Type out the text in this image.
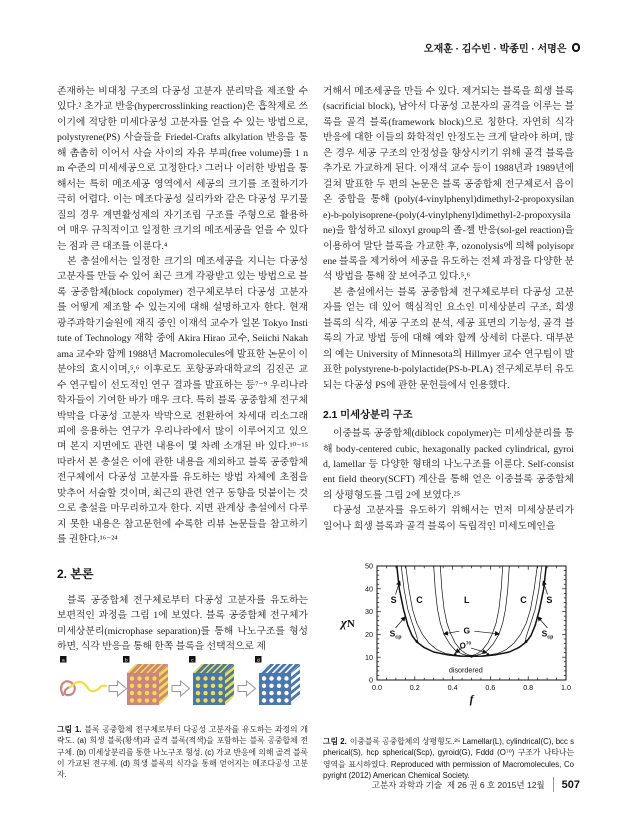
오재훈 · 김수빈 · 박종민 · 서명은

존재하는 비대칭 구조의 다공성 고분자 분리막을 제조할 수 있다.² 초가교 반응(hypercrosslinking reaction)은 흡착제로 쓰이기에 적당한 미세다공성 고분자를 얻을 수 있는 방법으로, polystyrene(PS) 사슬들을 Friedel-Crafts alkylation 반응을 통해 촘촘히 이어서 사슬 사이의 자유 부피(free volume)를 1 nm 수준의 미세세공으로 고정한다.³ 그러나 이러한 방법을 통해서는 특히 메조세공 영역에서 세공의 크기를 조절하기가 극히 어렵다. 이는 메조다공성 실리카와 같은 다공성 무기물질의 경우 계면활성제의 자기조립 구조를 주형으로 활용하여 매우 규칙적이고 일정한 크기의 메조세공을 얻을 수 있다는 점과 큰 대조를 이룬다.⁴

본 총설에서는 일정한 크기의 메조세공을 지니는 다공성 고분자를 만들 수 있어 최근 크게 각광받고 있는 방법으로 블록 공중합체(block copolymer) 전구체로부터 다공성 고분자를 어떻게 제조할 수 있는지에 대해 설명하고자 한다. 현재 광주과학기술원에 재직 중인 이재석 교수가 일본 Tokyo Institute of Technology 재학 중에 Akira Hirao 교수, Seiichi Nakahama 교수와 함께 1988년 Macromolecules에 발표한 논문이 이 분야의 효시이며,⁵,⁶ 이후로도 포항공과대학교의 김진곤 교수 연구팀이 선도적인 연구 결과를 발표하는 등⁷⁻⁹ 우리나라 학자들이 기여한 바가 매우 크다. 특히 블록 공중합체 전구체 박막을 다공성 고분자 박막으로 전환하여 차세대 리소그래피에 응용하는 연구가 우리나라에서 많이 이루어지고 있으며 본지 지면에도 관련 내용이 몇 차례 소개된 바 있다.¹⁰⁻¹⁵ 따라서 본 총설은 이에 관한 내용을 제외하고 블록 공중합체 전구체에서 다공성 고분자를 유도하는 방법 자체에 초점을 맞추어 서술할 것이며, 최근의 관련 연구 동향을 덧붙이는 것으로 총설을 마무리하고자 한다. 지면 관계상 총설에서 다루지 못한 내용은 참고문헌에 수록한 리뷰 논문들을 참고하기를 권한다.¹⁶⁻²⁴

2. 본론

블록 공중합체 전구체로부터 다공성 고분자를 유도하는 보편적인 과정을 그림 1에 보였다. 블록 공중합체 전구체가 미세상분리(microphase separation)를 통해 나노구조를 형성하면, 식각 반응을 통해 한쪽 블록을 선택적으로 제

a	b	c	d

그림 1. 블록 공중합체 전구체로부터 다공성 고분자를 유도하는 과정의 개략도. (a) 희생 블록(황색)과 골격 블록(적색)을 포함하는 블록 공중합체 전구체. (b) 미세상분리를 통한 나노구조 형성. (c) 가교 반응에 의해 골격 블록이 가교된 전구체. (d) 희생 블록의 식각을 통해 얻어지는 메조다공성 고분자.

거해서 메조세공을 만들 수 있다. 제거되는 블록을 희생 블록(sacrificial block), 남아서 다공성 고분자의 골격을 이루는 블록을 골격 블록(framework block)으로 칭한다. 자연히 식각 반응에 대한 이들의 화학적인 안정도는 크게 달라야 하며, 많은 경우 세공 구조의 안정성을 향상시키기 위해 골격 블록을 추가로 가교하게 된다. 이재석 교수 등이 1988년과 1989년에 걸쳐 발표한 두 편의 논문은 블록 공중합체 전구체로서 음이온 중합을 통해 (poly(4-vinylphenyl)dimethyl-2-propoxysilane)-b-polyisoprene-(poly(4-vinylphenyl)dimethyl-2-propoxysilane)을 합성하고 siloxyl group의 졸-젤 반응(sol-gel reaction)을 이용하여 말단 블록을 가교한 후, ozonolysis에 의해 polyisoprene 블록을 제거하여 세공을 유도하는 전체 과정을 다양한 분석 방법을 통해 잘 보여주고 있다.⁵,⁶

본 총설에서는 블록 공중합체 전구체로부터 다공성 고분자를 얻는 데 있어 핵심적인 요소인 미세상분리 구조, 희생 블록의 식각, 세공 구조의 분석, 세공 표면의 기능성, 골격 블록의 가교 방법 등에 대해 예와 함께 상세히 다룬다. 대부분의 예는 University of Minnesota의 Hillmyer 교수 연구팀이 발표한 polystyrene-b-polylactide(PS-b-PLA) 전구체로부터 유도되는 다공성 PS에 관한 문헌들에서 인용했다.

2.1 미세상분리 구조

이중블록 공중합체(diblock copolymer)는 미세상분리를 통해 body-centered cubic, hexagonally packed cylindrical, gyroid, lamellar 등 다양한 형태의 나노구조를 이룬다. Self-consistent field theory(SCFT) 계산을 통해 얻은 이중블록 공중합체의 상평형도를 그림 2에 보였다.²⁵

다공성 고분자를 유도하기 위해서는 먼저 미세상분리가 일어나 희생 블록과 골격 블록이 독립적인 미세도메인을

0.0	0.2	0.4	0.6	0.8	1.0
0
10
20
30
40
50
S C	L	C S
$S_{cp}$	$S_{cp}$
G
$O^{70}$
disordered
χN
f

그림 2. 이중블록 공중합체의 상평형도.²⁵ Lamellar(L), cylindrical(C), bcc spherical(S), hcp spherical(Scp), gyroid(G), Fddd (O⁷⁰) 구조가 나타나는 영역을 표시하였다. Reproduced with permission of Macromolecules, Copyright (2012) American Chemical Society.

고분자 과학과 기술  제 26 권 6 호 2015년 12월 507
